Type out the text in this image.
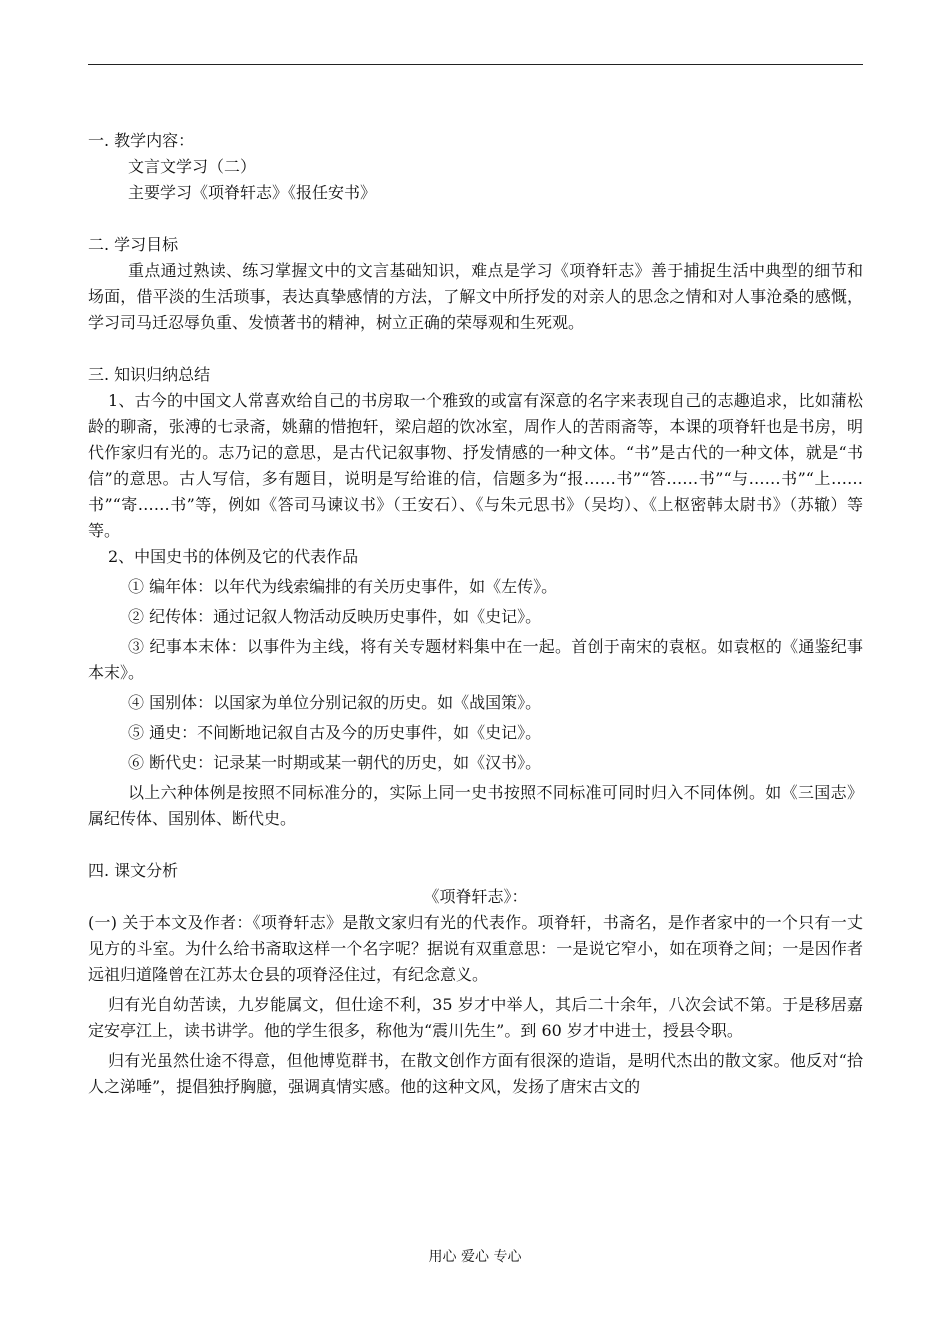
一. 教学内容：

文言文学习（二）

主要学习《项脊轩志》《报任安书》

二. 学习目标

重点通过熟读、练习掌握文中的文言基础知识，难点是学习《项脊轩志》善于捕捉生活中典型的细节和场面，借平淡的生活琐事，表达真挚感情的方法，了解文中所抒发的对亲人的思念之情和对人事沧桑的感慨，学习司马迁忍辱负重、发愤著书的精神，树立正确的荣辱观和生死观。

三. 知识归纳总结

1、古今的中国文人常喜欢给自己的书房取一个雅致的或富有深意的名字来表现自己的志趣追求，比如蒲松龄的聊斋，张溥的七录斋，姚鼐的惜抱轩，梁启超的饮冰室，周作人的苦雨斋等，本课的项脊轩也是书房，明代作家归有光的。志乃记的意思，是古代记叙事物、抒发情感的一种文体。“书”是古代的一种文体，就是“书信”的意思。古人写信，多有题目，说明是写给谁的信，信题多为“报……书”“答……书”“与……书”“上……书”“寄……书”等，例如《答司马谏议书》（王安石）、《与朱元思书》（吴均）、《上枢密韩太尉书》（苏辙）等等。

2、中国史书的体例及它的代表作品

① 编年体：以年代为线索编排的有关历史事件，如《左传》。

② 纪传体：通过记叙人物活动反映历史事件，如《史记》。

③ 纪事本末体：以事件为主线，将有关专题材料集中在一起。首创于南宋的袁枢。如袁枢的《通鉴纪事本末》。

④ 国别体：以国家为单位分别记叙的历史。如《战国策》。

⑤ 通史：不间断地记叙自古及今的历史事件，如《史记》。

⑥ 断代史：记录某一时期或某一朝代的历史，如《汉书》。

以上六种体例是按照不同标准分的，实际上同一史书按照不同标准可同时归入不同体例。如《三国志》属纪传体、国别体、断代史。

四. 课文分析

《项脊轩志》：

(一) 关于本文及作者：《项脊轩志》是散文家归有光的代表作。项脊轩，书斋名，是作者家中的一个只有一丈见方的斗室。为什么给书斋取这样一个名字呢？据说有双重意思：一是说它窄小，如在项脊之间；一是因作者远祖归道隆曾在江苏太仓县的项脊泾住过，有纪念意义。

归有光自幼苦读，九岁能属文，但仕途不利，35 岁才中举人，其后二十余年，八次会试不第。于是移居嘉定安亭江上，读书讲学。他的学生很多，称他为“震川先生”。到 60 岁才中进士，授县令职。

归有光虽然仕途不得意，但他博览群书，在散文创作方面有很深的造诣，是明代杰出的散文家。他反对“拾人之涕唾”，提倡独抒胸臆，强调真情实感。他的这种文风，发扬了唐宋古文的

用心 爱心 专心
